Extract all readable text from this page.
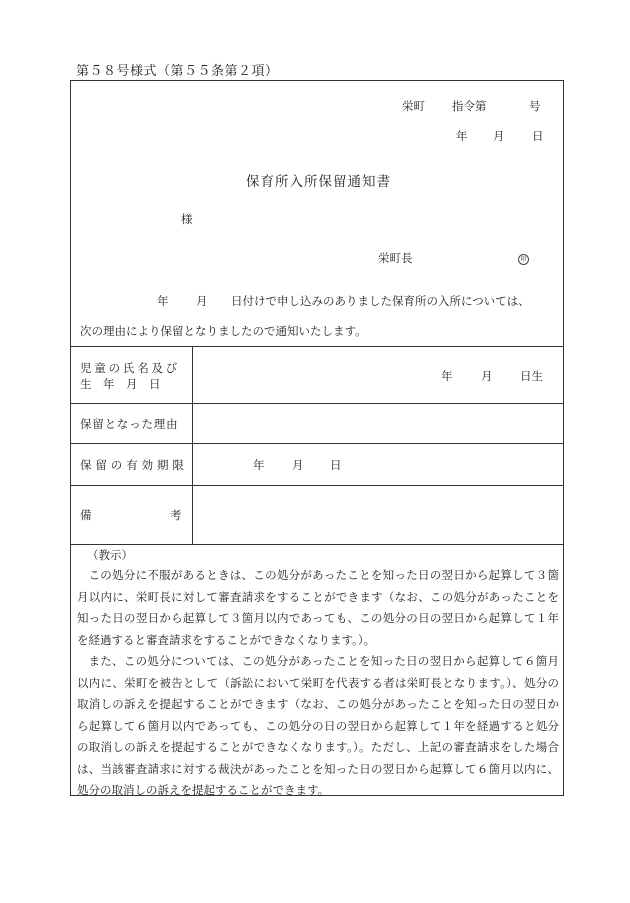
第５８号様式（第５５条第２項）
栄町 指令第	号
年 月 日
保育所入所保留通知書
様
栄町長	印
年 月 日付けで申し込みのありました保育所の入所については、
次の理由により保留となりましたので通知いたします。
児童の氏名及び
生　年　月　日
年 月 日生
保留となった理由
保留の有効期限	年 月 日
備	考
（教示）

この処分に不服があるときは、この処分があったことを知った日の翌日から起算して３箇月以内に、栄町長に対して審査請求をすることができます（なお、この処分があったことを知った日の翌日から起算して３箇月以内であっても、この処分の日の翌日から起算して１年を経過すると審査請求をすることができなくなります。）。

また、この処分については、この処分があったことを知った日の翌日から起算して６箇月以内に、栄町を被告として（訴訟において栄町を代表する者は栄町長となります。）、処分の取消しの訴えを提起することができます（なお、この処分があったことを知った日の翌日から起算して６箇月以内であっても、この処分の日の翌日から起算して１年を経過すると処分の取消しの訴えを提起することができなくなります。）。ただし、上記の審査請求をした場合は、当該審査請求に対する裁決があったことを知った日の翌日から起算して６箇月以内に、処分の取消しの訴えを提起することができます。
